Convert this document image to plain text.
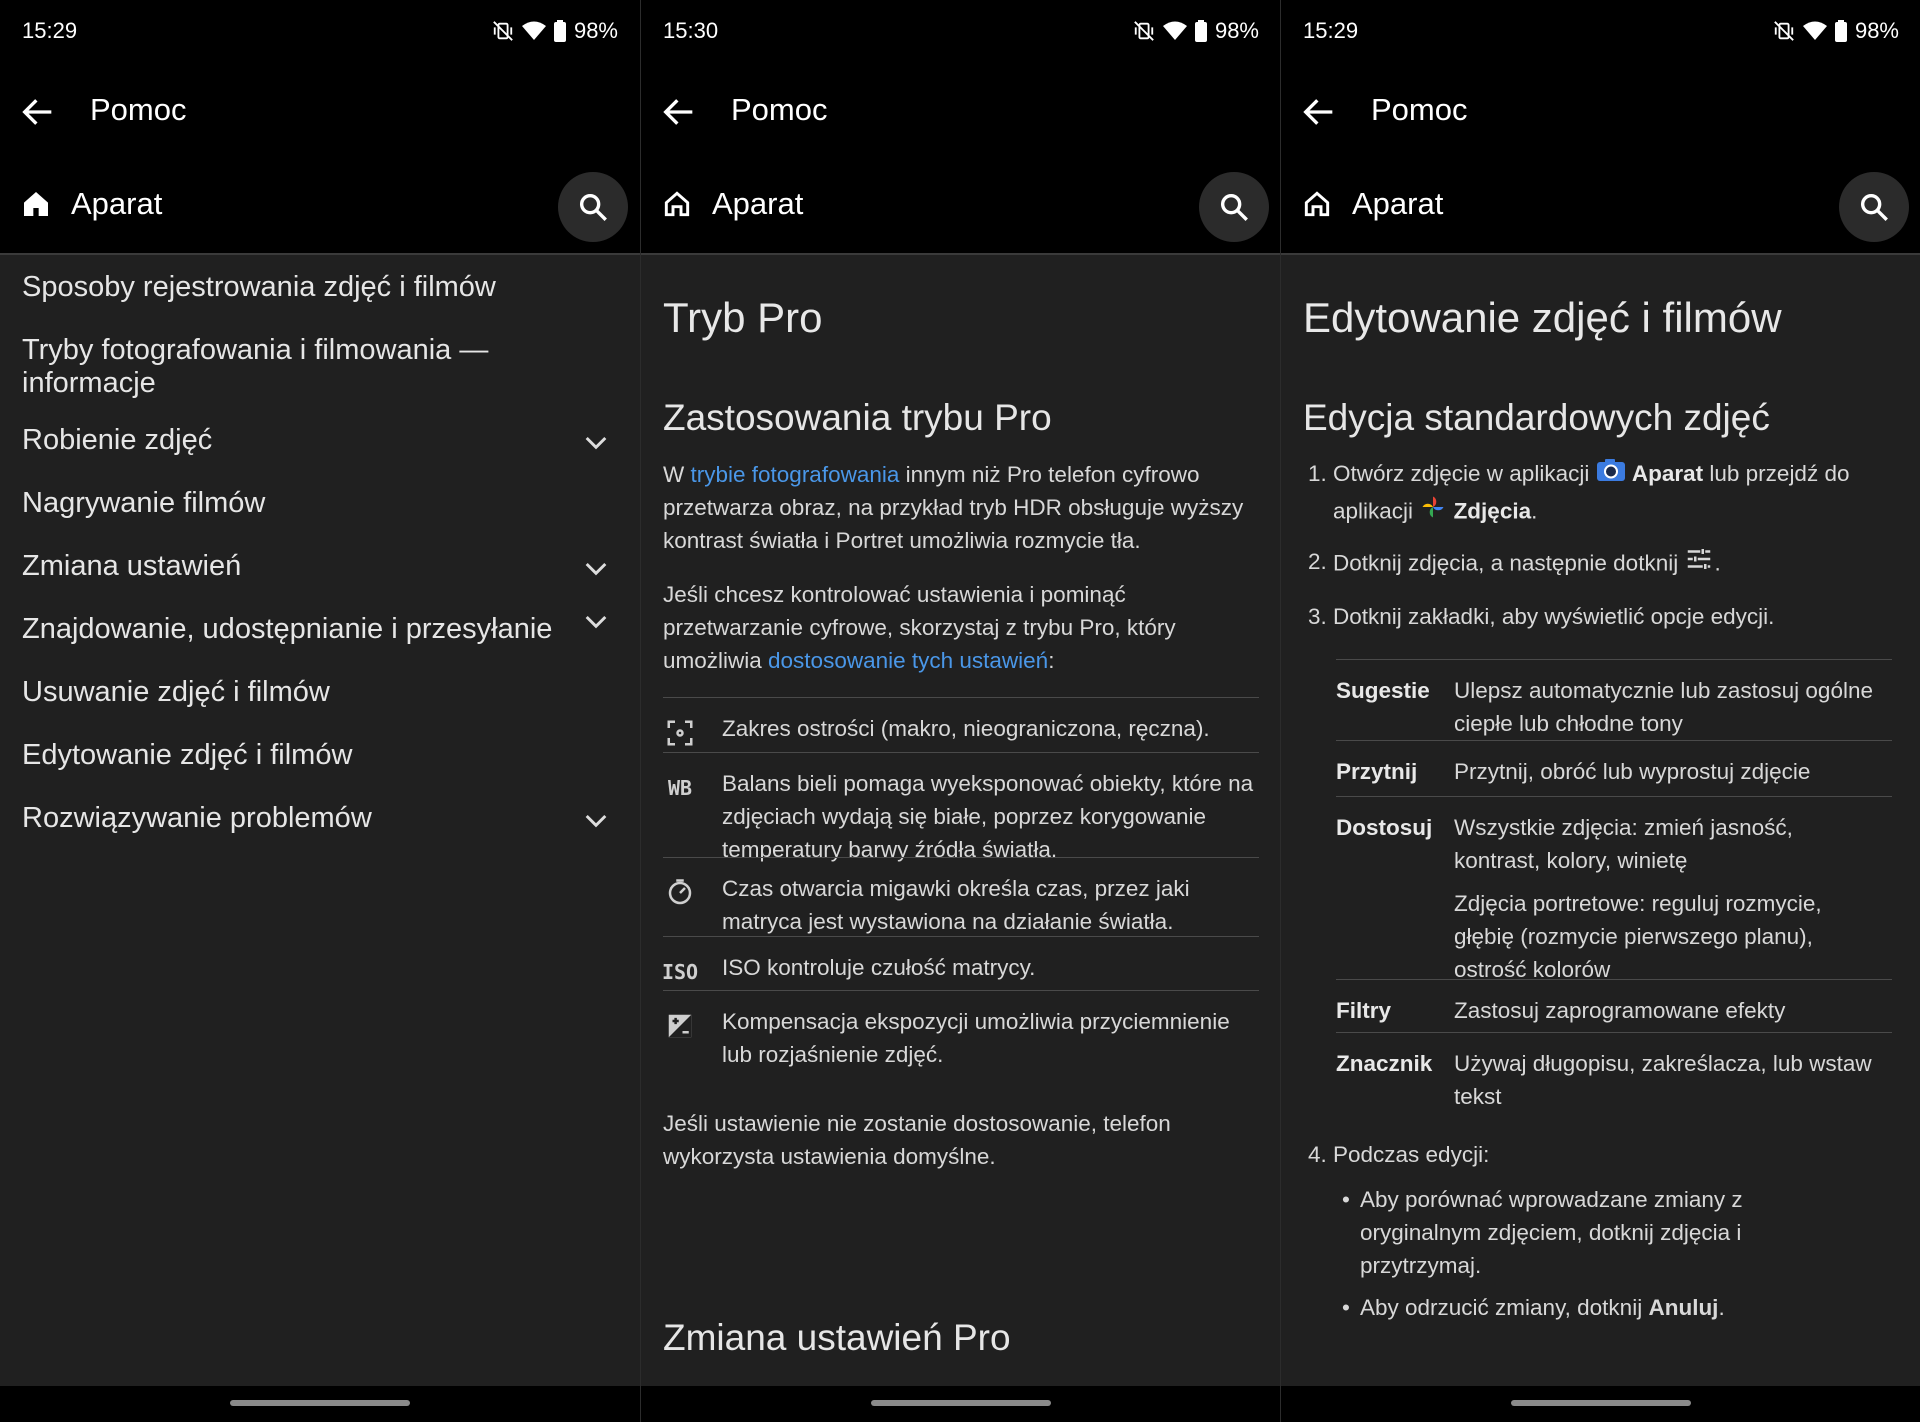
15:29	98%
Pomoc
Aparat
Sposoby rejestrowania zdjęć i filmów
Tryby fotografowania i filmowania —
informacje
Robienie zdjęć
Nagrywanie filmów
Zmiana ustawień
Znajdowanie, udostępnianie i przesyłanie
Usuwanie zdjęć i filmów
Edytowanie zdjęć i filmów
Rozwiązywanie problemów
15:30	98%
Pomoc
Aparat
Tryb Pro
Zastosowania trybu Pro
W trybie fotografowania innym niż Pro telefon cyfrowo przetwarza obraz, na przykład tryb HDR obsługuje wyższy kontrast światła i Portret umożliwia rozmycie tła.
Jeśli chcesz kontrolować ustawienia i pominąć przetwarzanie cyfrowe, skorzystaj z trybu Pro, który umożliwia dostosowanie tych ustawień:
Zakres ostrości (makro, nieograniczona, ręczna).
WB Balans bieli pomaga wyeksponować obiekty, które na zdjęciach wydają się białe, poprzez korygowanie temperatury barwy źródła światła.
Czas otwarcia migawki określa czas, przez jaki matryca jest wystawiona na działanie światła.
ISO ISO kontroluje czułość matrycy.
Kompensacja ekspozycji umożliwia przyciemnienie lub rozjaśnienie zdjęć.
Jeśli ustawienie nie zostanie dostosowanie, telefon wykorzysta ustawienia domyślne.
Zmiana ustawień Pro
15:29	98%
Pomoc
Aparat
Edytowanie zdjęć i filmów
Edycja standardowych zdjęć
1. Otwórz zdjęcie w aplikacji  Aparat lub przejdź do aplikacji  Zdjęcia.
2. Dotknij zdjęcia, a następnie dotknij .
3. Dotknij zakładki, aby wyświetlić opcje edycji.
Sugestie Ulepsz automatycznie lub zastosuj ogólne ciepłe lub chłodne tony
Przytnij Przytnij, obróć lub wyprostuj zdjęcie
Dostosuj Wszystkie zdjęcia: zmień jasność, kontrast, kolory, winietę
Zdjęcia portretowe: reguluj rozmycie, głębię (rozmycie pierwszego planu), ostrość kolorów
Filtry	Zastosuj zaprogramowane efekty
Znacznik Używaj długopisu, zakreślacza, lub wstaw tekst
4. Podczas edycji:
• Aby porównać wprowadzane zmiany z oryginalnym zdjęciem, dotknij zdjęcia i przytrzymaj.
• Aby odrzucić zmiany, dotknij Anuluj.
